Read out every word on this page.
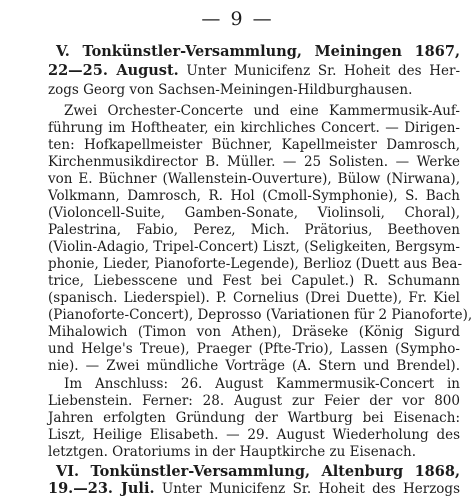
— 9 —
V. Tonkünstler-Versammlung, Meiningen 1867,
22—25. August. Unter Municifenz Sr. Hoheit des Her-
zogs Georg von Sachsen-Meiningen-Hildburghausen.
Zwei Orchester-Concerte und eine Kammermusik-Auf-
führung im Hoftheater, ein kirchliches Concert. — Dirigen-
ten: Hofkapellmeister Büchner, Kapellmeister Damrosch,
Kirchenmusikdirector B. Müller. — 25 Solisten. — Werke
von E. Büchner (Wallenstein-Ouverture), Bülow (Nirwana),
Volkmann, Damrosch, R. Hol (Cmoll-Symphonie), S. Bach
(Violoncell-Suite, Gamben-Sonate, Violinsoli, Choral),
Palestrina, Fabio, Perez, Mich. Prätorius, Beethoven
(Violin-Adagio, Tripel-Concert) Liszt, (Seligkeiten, Bergsym-
phonie, Lieder, Pianoforte-Legende), Berlioz (Duett aus Bea-
trice, Liebesscene und Fest bei Capulet.) R. Schumann
(spanisch. Liederspiel). P. Cornelius (Drei Duette), Fr. Kiel
(Pianoforte-Concert), Deprosso (Variationen für 2 Pianoforte),
Mihalowich (Timon von Athen), Dräseke (König Sigurd
und Helge's Treue), Praeger (Pfte-Trio), Lassen (Sympho-
nie). — Zwei mündliche Vorträge (A. Stern und Brendel).
Im Anschluss: 26. August Kammermusik-Concert in
Liebenstein. Ferner: 28. August zur Feier der vor 800
Jahren erfolgten Gründung der Wartburg bei Eisenach:
Liszt, Heilige Elisabeth. — 29. August Wiederholung des
letztgen. Oratoriums in der Hauptkirche zu Eisenach.
VI. Tonkünstler-Versammlung, Altenburg 1868,
19.—23. Juli. Unter Municifenz Sr. Hoheit des Herzogs
